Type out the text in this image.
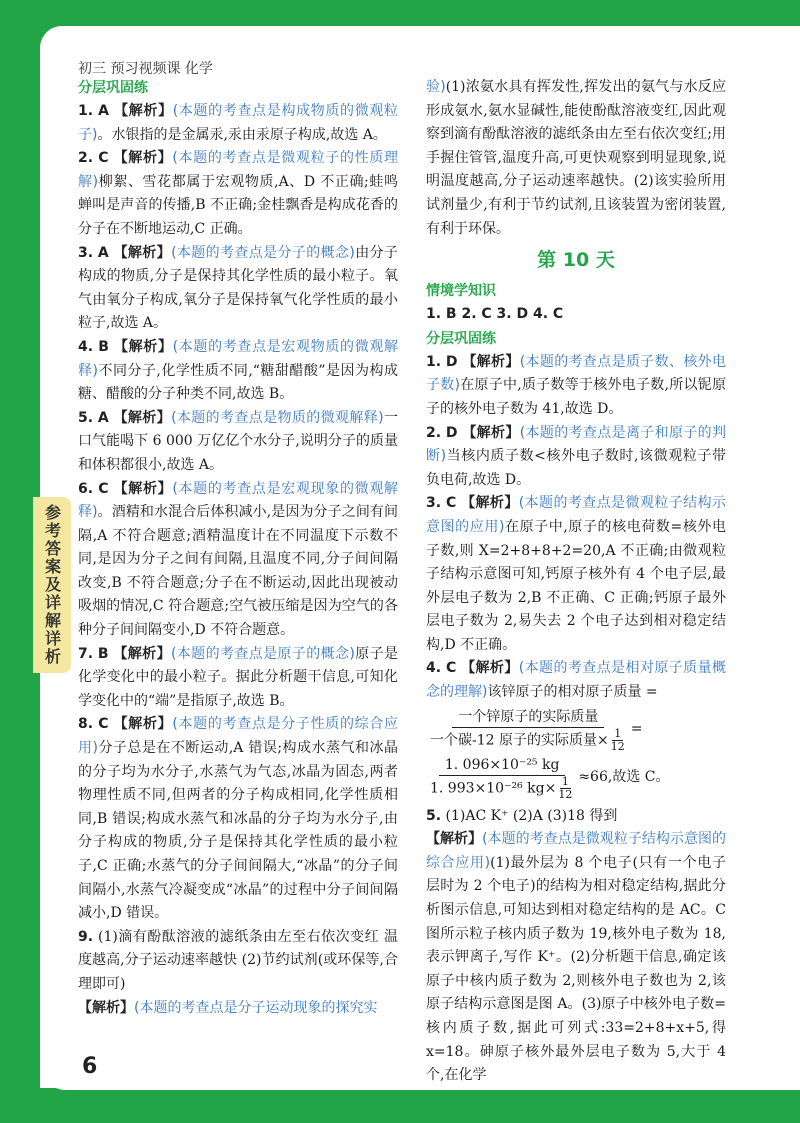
初三 预习视频课 化学
参考答案及详解详析
分层巩固练
1. A 【解析】(本题的考查点是构成物质的微观粒子)。水银指的是金属汞,汞由汞原子构成,故选 A。
2. C 【解析】(本题的考查点是微观粒子的性质理解)柳絮、雪花都属于宏观物质,A、D 不正确;蛙鸣蝉叫是声音的传播,B 不正确;金桂飘香是构成花香的分子在不断地运动,C 正确。
3. A 【解析】(本题的考查点是分子的概念)由分子构成的物质,分子是保持其化学性质的最小粒子。氧气由氧分子构成,氧分子是保持氧气化学性质的最小粒子,故选 A。
4. B 【解析】(本题的考查点是宏观物质的微观解释)不同分子,化学性质不同,“糖甜醋酸”是因为构成糖、醋酸的分子种类不同,故选 B。
5. A 【解析】(本题的考查点是物质的微观解释)一口气能喝下 6 000 万亿亿个水分子,说明分子的质量和体积都很小,故选 A。
6. C 【解析】(本题的考查点是宏观现象的微观解释)。酒精和水混合后体积减小,是因为分子之间有间隔,A 不符合题意;酒精温度计在不同温度下示数不同,是因为分子之间有间隔,且温度不同,分子间间隔改变,B 不符合题意;分子在不断运动,因此出现被动吸烟的情况,C 符合题意;空气被压缩是因为空气的各种分子间间隔变小,D 不符合题意。
7. B 【解析】(本题的考查点是原子的概念)原子是化学变化中的最小粒子。据此分析题干信息,可知化学变化中的“端”是指原子,故选 B。
8. C 【解析】(本题的考查点是分子性质的综合应用)分子总是在不断运动,A 错误;构成水蒸气和冰晶的分子均为水分子,水蒸气为气态,冰晶为固态,两者物理性质不同,但两者的分子构成相同,化学性质相同,B 错误;构成水蒸气和冰晶的分子均为水分子,由分子构成的物质,分子是保持其化学性质的最小粒子,C 正确;水蒸气的分子间间隔大,“冰晶”的分子间间隔小,水蒸气冷凝变成“冰晶”的过程中分子间间隔减小,D 错误。
9. (1)滴有酚酞溶液的滤纸条由左至右依次变红 温度越高,分子运动速率越快 (2)节约试剂(或环保等,合理即可)
【解析】(本题的考查点是分子运动现象的探究实
验)(1)浓氨水具有挥发性,挥发出的氨气与水反应形成氨水,氨水显碱性,能使酚酞溶液变红,因此观察到滴有酚酞溶液的滤纸条由左至右依次变红;用手握住管管,温度升高,可更快观察到明显现象,说明温度越高,分子运动速率越快。(2)该实验所用试剂量少,有利于节约试剂,且该装置为密闭装置,有利于环保。
第 10 天
情境学知识
1. B 2. C 3. D 4. C
分层巩固练
1. D 【解析】(本题的考查点是质子数、核外电子数)在原子中,质子数等于核外电子数,所以铌原子的核外电子数为 41,故选 D。
2. D 【解析】(本题的考查点是离子和原子的判断)当核内质子数<核外电子数时,该微观粒子带负电荷,故选 D。
3. C 【解析】(本题的考查点是微观粒子结构示意图的应用)在原子中,原子的核电荷数=核外电子数,则 X=2+8+8+2=20,A 不正确;由微观粒子结构示意图可知,钙原子核外有 4 个电子层,最外层电子数为 2,B 不正确、C 正确;钙原子最外层电子数为 2,易失去 2 个电子达到相对稳定结构,D 不正确。
4. C 【解析】(本题的考查点是相对原子质量概念的理解)该锌原子的相对原子质量 =
$\frac{\text{一个锌原子的实际质量}}{一个碳-12 原子的实际质量\times \frac{1}{12}}$ =
$\frac{\text{1. 096×10⁻²⁵ kg}}{1. 993\times 10^{-26} kg\times \frac{1}{12}} \approx 66$,故选 C。
5. (1)AC K⁺ (2)A (3)18 得到
【解析】(本题的考查点是微观粒子结构示意图的综合应用)(1)最外层为 8 个电子(只有一个电子层时为 2 个电子)的结构为相对稳定结构,据此分析图示信息,可知达到相对稳定结构的是 AC。C 图所示粒子核内质子数为 19,核外电子数为 18,表示钾离子,写作 K⁺。(2)分析题干信息,确定该原子中核内质子数为 2,则核外电子数也为 2,该原子结构示意图是图 A。(3)原子中核外电子数=核内质子数,据此可列式:33=2+8+x+5,得 x=18。砷原子核外最外层电子数为 5,大于 4 个,在化学
6
